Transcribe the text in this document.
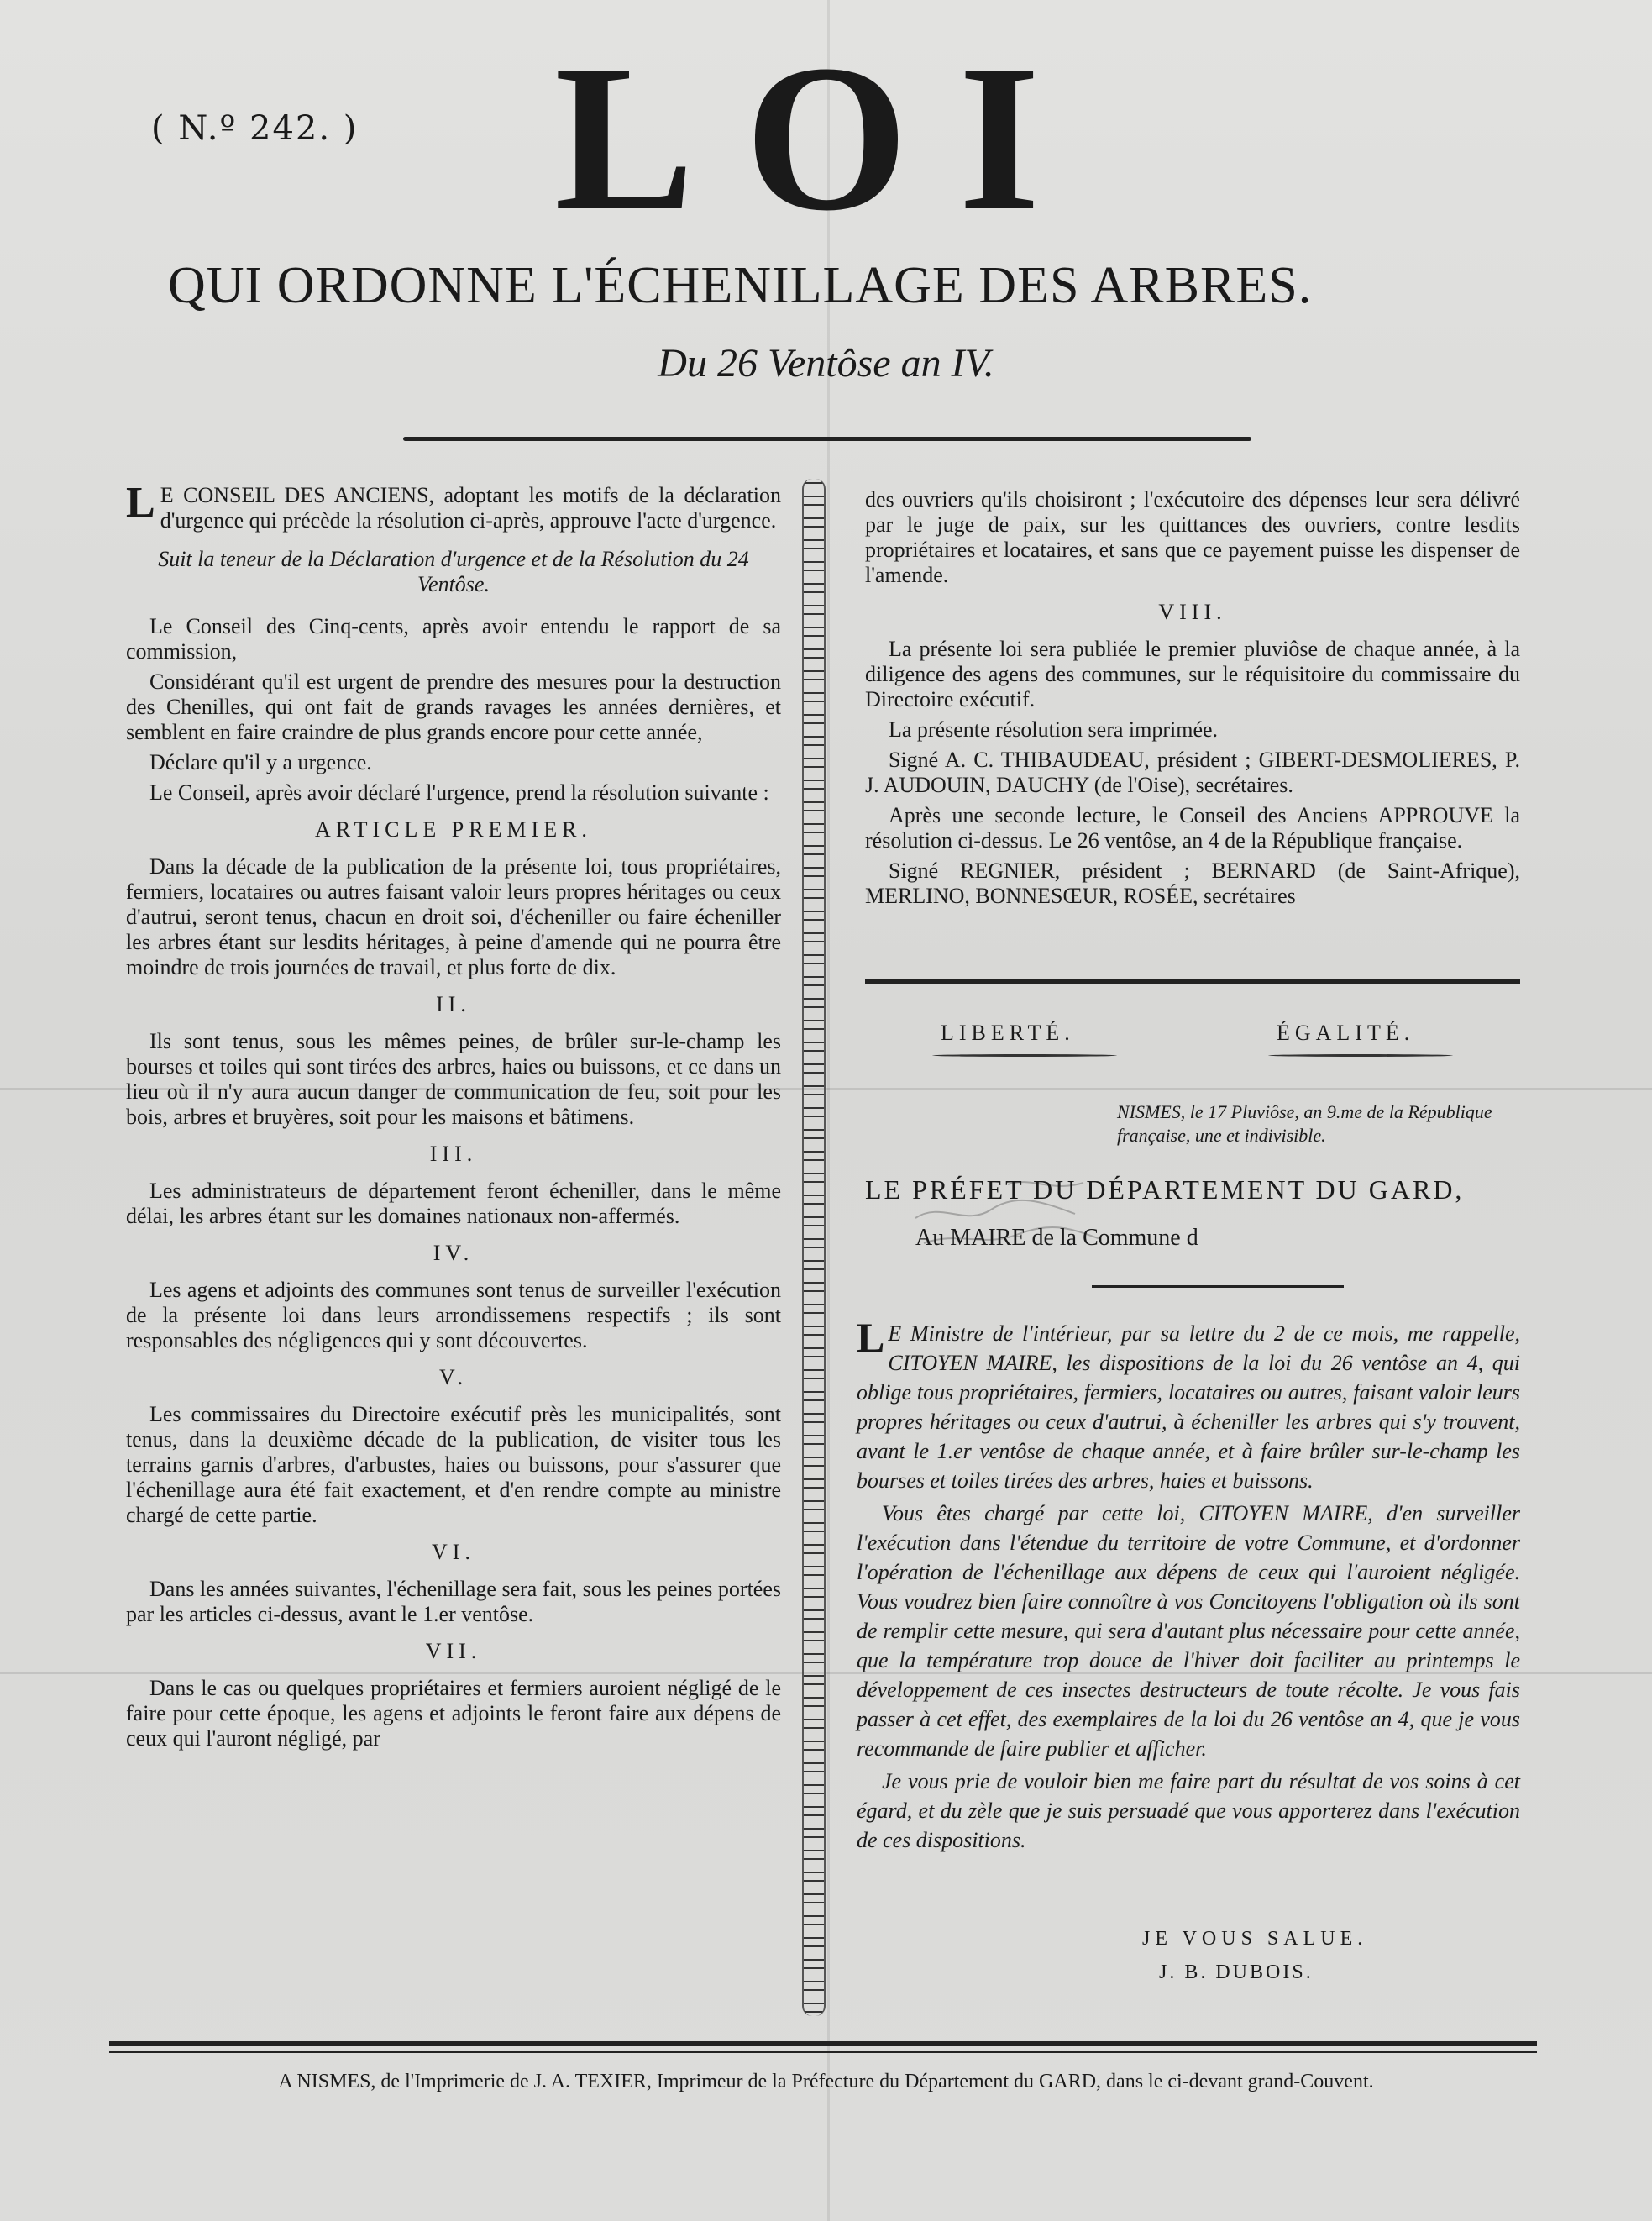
( N.º 242. ) LOI
QUI ORDONNE L'ÉCHENILLAGE DES ARBRES.
Du 26 Ventôse an IV.

L E CONSEIL DES ANCIENS, adoptant les motifs de la déclaration d'urgence qui précède la résolution ci-après, approuve l'acte d'urgence.

Suit la teneur de la Déclaration d'urgence et de la Résolution du 24 Ventôse.

Le Conseil des Cinq-cents, après avoir entendu le rapport de sa commission,

Considérant qu'il est urgent de prendre des mesures pour la destruction des Chenilles, qui ont fait de grands ravages les années dernières, et semblent en faire craindre de plus grands encore pour cette année,

Déclare qu'il y a urgence.

Le Conseil, après avoir déclaré l'urgence, prend la résolution suivante :

ARTICLE PREMIER.

Dans la décade de la publication de la présente loi, tous propriétaires, fermiers, locataires ou autres faisant valoir leurs propres héritages ou ceux d'autrui, seront tenus, chacun en droit soi, d'écheniller ou faire écheniller les arbres étant sur lesdits héritages, à peine d'amende qui ne pourra être moindre de trois journées de travail, et plus forte de dix.

II.

Ils sont tenus, sous les mêmes peines, de brûler sur-le-champ les bourses et toiles qui sont tirées des arbres, haies ou buissons, et ce dans un lieu où il n'y aura aucun danger de communication de feu, soit pour les bois, arbres et bruyères, soit pour les maisons et bâtimens.

III.

Les administrateurs de département feront écheniller, dans le même délai, les arbres étant sur les domaines nationaux non-affermés.

IV.

Les agens et adjoints des communes sont tenus de surveiller l'exécution de la présente loi dans leurs arrondissemens respectifs ; ils sont responsables des négligences qui y sont découvertes.

V.

Les commissaires du Directoire exécutif près les municipalités, sont tenus, dans la deuxième décade de la publication, de visiter tous les terrains garnis d'arbres, d'arbustes, haies ou buissons, pour s'assurer que l'échenillage aura été fait exactement, et d'en rendre compte au ministre chargé de cette partie.

VI.

Dans les années suivantes, l'échenillage sera fait, sous les peines portées par les articles ci-dessus, avant le 1.er ventôse.

VII.

Dans le cas ou quelques propriétaires et fermiers auroient négligé de le faire pour cette époque, les agens et adjoints le feront faire aux dépens de ceux qui l'auront négligé, par

des ouvriers qu'ils choisiront ; l'exécutoire des dépenses leur sera délivré par le juge de paix, sur les quittances des ouvriers, contre lesdits propriétaires et locataires, et sans que ce payement puisse les dispenser de l'amende.

VIII.

La présente loi sera publiée le premier pluviôse de chaque année, à la diligence des agens des communes, sur le réquisitoire du commissaire du Directoire exécutif.

La présente résolution sera imprimée.

Signé A. C. THIBAUDEAU, président ; GIBERT-DESMOLIERES, P. J. AUDOUIN, DAUCHY (de l'Oise), secrétaires.

Après une seconde lecture, le Conseil des Anciens APPROUVE la résolution ci-dessus. Le 26 ventôse, an 4 de la République française.

Signé REGNIER, président ; BERNARD (de Saint-Afrique), MERLINO, BONNESŒUR, ROSÉE, secrétaires

LIBERTÉ.	ÉGALITÉ.
NISMES, le 17 Pluviôse, an 9.me de la République française, une et indivisible.
LE PRÉFET DU DÉPARTEMENT DU GARD,
Au MAIRE de la Commune d

L E Ministre de l'intérieur, par sa lettre du 2 de ce mois, me rappelle, CITOYEN MAIRE, les dispositions de la loi du 26 ventôse an 4, qui oblige tous propriétaires, fermiers, locataires ou autres, faisant valoir leurs propres héritages ou ceux d'autrui, à écheniller les arbres qui s'y trouvent, avant le 1.er ventôse de chaque année, et à faire brûler sur-le-champ les bourses et toiles tirées des arbres, haies et buissons.

Vous êtes chargé par cette loi, CITOYEN MAIRE, d'en surveiller l'exécution dans l'étendue du territoire de votre Commune, et d'ordonner l'opération de l'échenillage aux dépens de ceux qui l'auroient négligée. Vous voudrez bien faire connoître à vos Concitoyens l'obligation où ils sont de remplir cette mesure, qui sera d'autant plus nécessaire pour cette année, que la température trop douce de l'hiver doit faciliter au printemps le développement de ces insectes destructeurs de toute récolte. Je vous fais passer à cet effet, des exemplaires de la loi du 26 ventôse an 4, que je vous recommande de faire publier et afficher.

Je vous prie de vouloir bien me faire part du résultat de vos soins à cet égard, et du zèle que je suis persuadé que vous apporterez dans l'exécution de ces dispositions.

JE VOUS SALUE.
J. B. DUBOIS.
A NISMES, de l'Imprimerie de J. A. TEXIER, Imprimeur de la Préfecture du Département du GARD, dans le ci-devant grand-Couvent.
